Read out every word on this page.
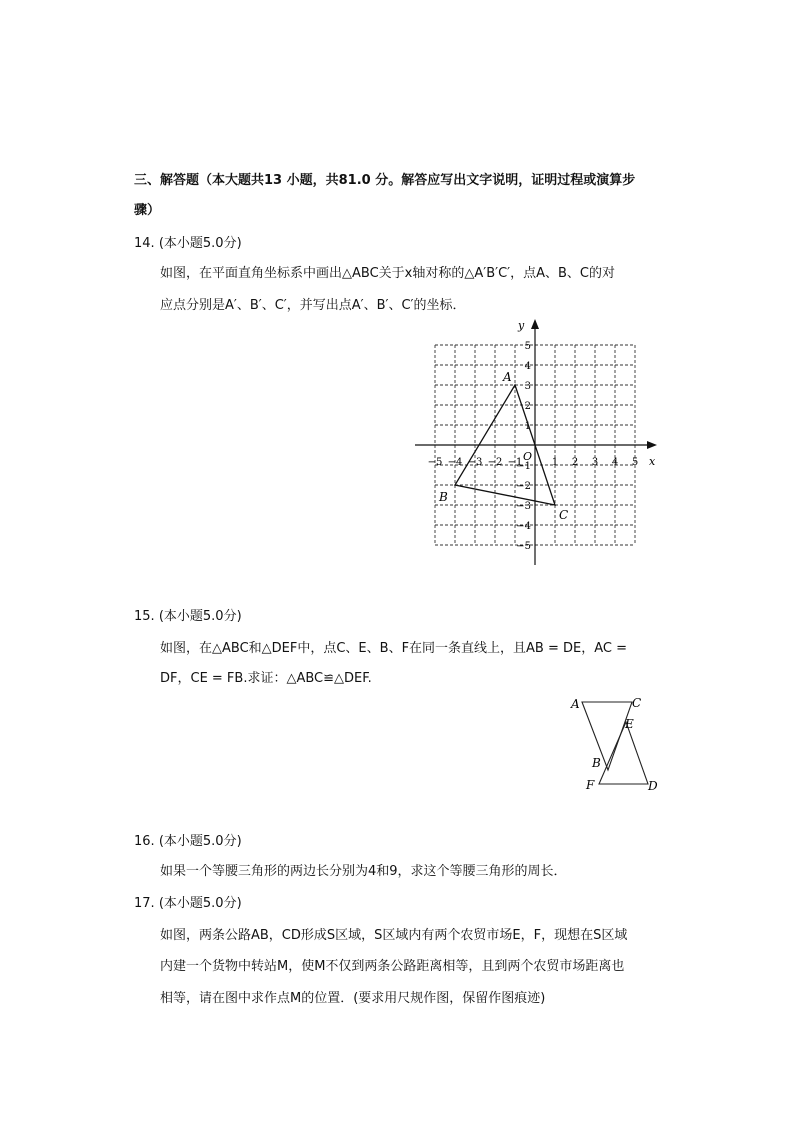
三、解答题（本大题共13 小题，共81.0 分。解答应写出文字说明，证明过程或演算步
骤）
14. (本小题5.0分)
如图，在平面直角坐标系中画出△ABC关于x轴对称的△A′B′C′，点A、B、C的对
应点分别是A′、B′、C′，并写出点A′、B′、C′的坐标．
x
y
O
−5 −4 −3 −2 −1	1 2 3 4 5
5
4
3
2
1
−1
−2
−3
−4
−5
A
B
C
15. (本小题5.0分)
如图，在△ABC和△DEF中，点C、E、B、F在同一条直线上，且AB = DE，AC =
DF，CE = FB.求证：△ABC≌△DEF.
A	C
E
B
F	D
16. (本小题5.0分)
如果一个等腰三角形的两边长分别为4和9，求这个等腰三角形的周长．
17. (本小题5.0分)
如图，两条公路AB，CD形成S区域，S区域内有两个农贸市场E，F，现想在S区域
内建一个货物中转站M，使M不仅到两条公路距离相等，且到两个农贸市场距离也
相等，请在图中求作点M的位置．(要求用尺规作图，保留作图痕迹)
